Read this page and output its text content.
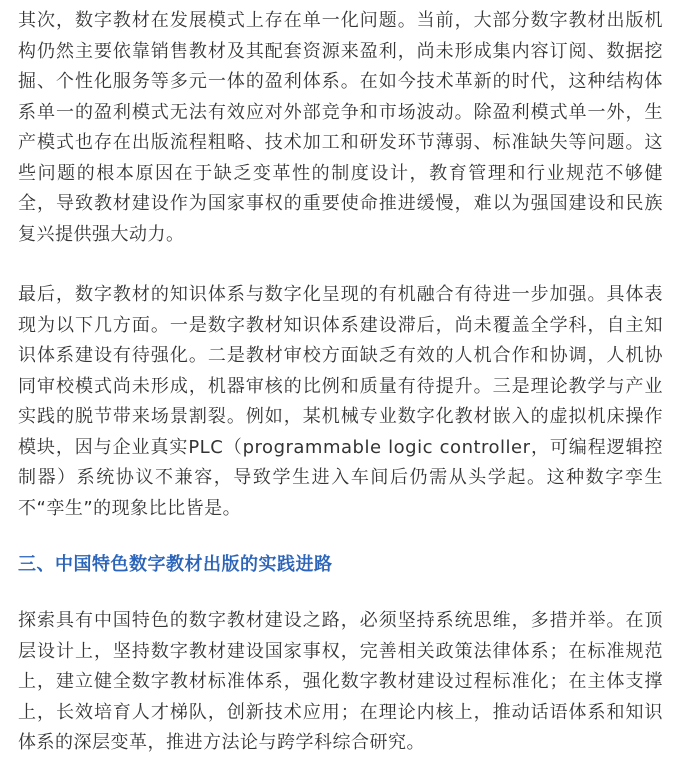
其次，数字教材在发展模式上存在单一化问题。当前，大部分数字教材出版机构仍然主要依靠销售教材及其配套资源来盈利，尚未形成集内容订阅、数据挖掘、个性化服务等多元一体的盈利体系。在如今技术革新的时代，这种结构体系单一的盈利模式无法有效应对外部竞争和市场波动。除盈利模式单一外，生产模式也存在出版流程粗略、技术加工和研发环节薄弱、标准缺失等问题。这些问题的根本原因在于缺乏变革性的制度设计，教育管理和行业规范不够健全，导致教材建设作为国家事权的重要使命推进缓慢，难以为强国建设和民族复兴提供强大动力。

最后，数字教材的知识体系与数字化呈现的有机融合有待进一步加强。具体表现为以下几方面。一是数字教材知识体系建设滞后，尚未覆盖全学科，自主知识体系建设有待强化。二是教材审校方面缺乏有效的人机合作和协调，人机协同审校模式尚未形成，机器审核的比例和质量有待提升。三是理论教学与产业实践的脱节带来场景割裂。例如，某机械专业数字化教材嵌入的虚拟机床操作模块，因与企业真实PLC（programmable logic controller，可编程逻辑控制器）系统协议不兼容，导致学生进入车间后仍需从头学起。这种数字孪生不“孪生”的现象比比皆是。

三、中国特色数字教材出版的实践进路

探索具有中国特色的数字教材建设之路，必须坚持系统思维，多措并举。在顶层设计上，坚持数字教材建设国家事权，完善相关政策法律体系；在标准规范上，建立健全数字教材标准体系，强化数字教材建设过程标准化；在主体支撑上，长效培育人才梯队，创新技术应用；在理论内核上，推动话语体系和知识体系的深层变革，推进方法论与跨学科综合研究。
